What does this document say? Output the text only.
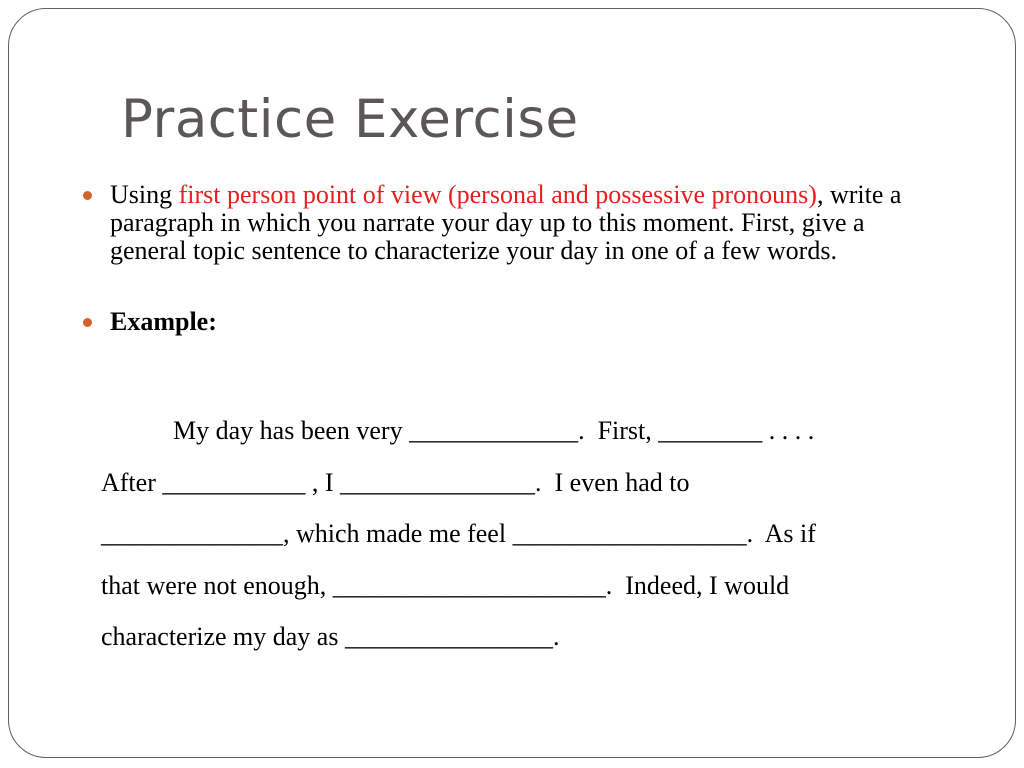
Practice Exercise
Using first person point of view (personal and possessive pronouns), write a paragraph in which you narrate your day up to this moment. First, give a general topic sentence to characterize your day in one of a few words.
Example:
My day has been very _____________.  First, ________ . . . .
After ___________ , I _______________.  I even had to
______________, which made me feel __________________.  As if
that were not enough, _____________________.  Indeed, I would
characterize my day as ________________.
